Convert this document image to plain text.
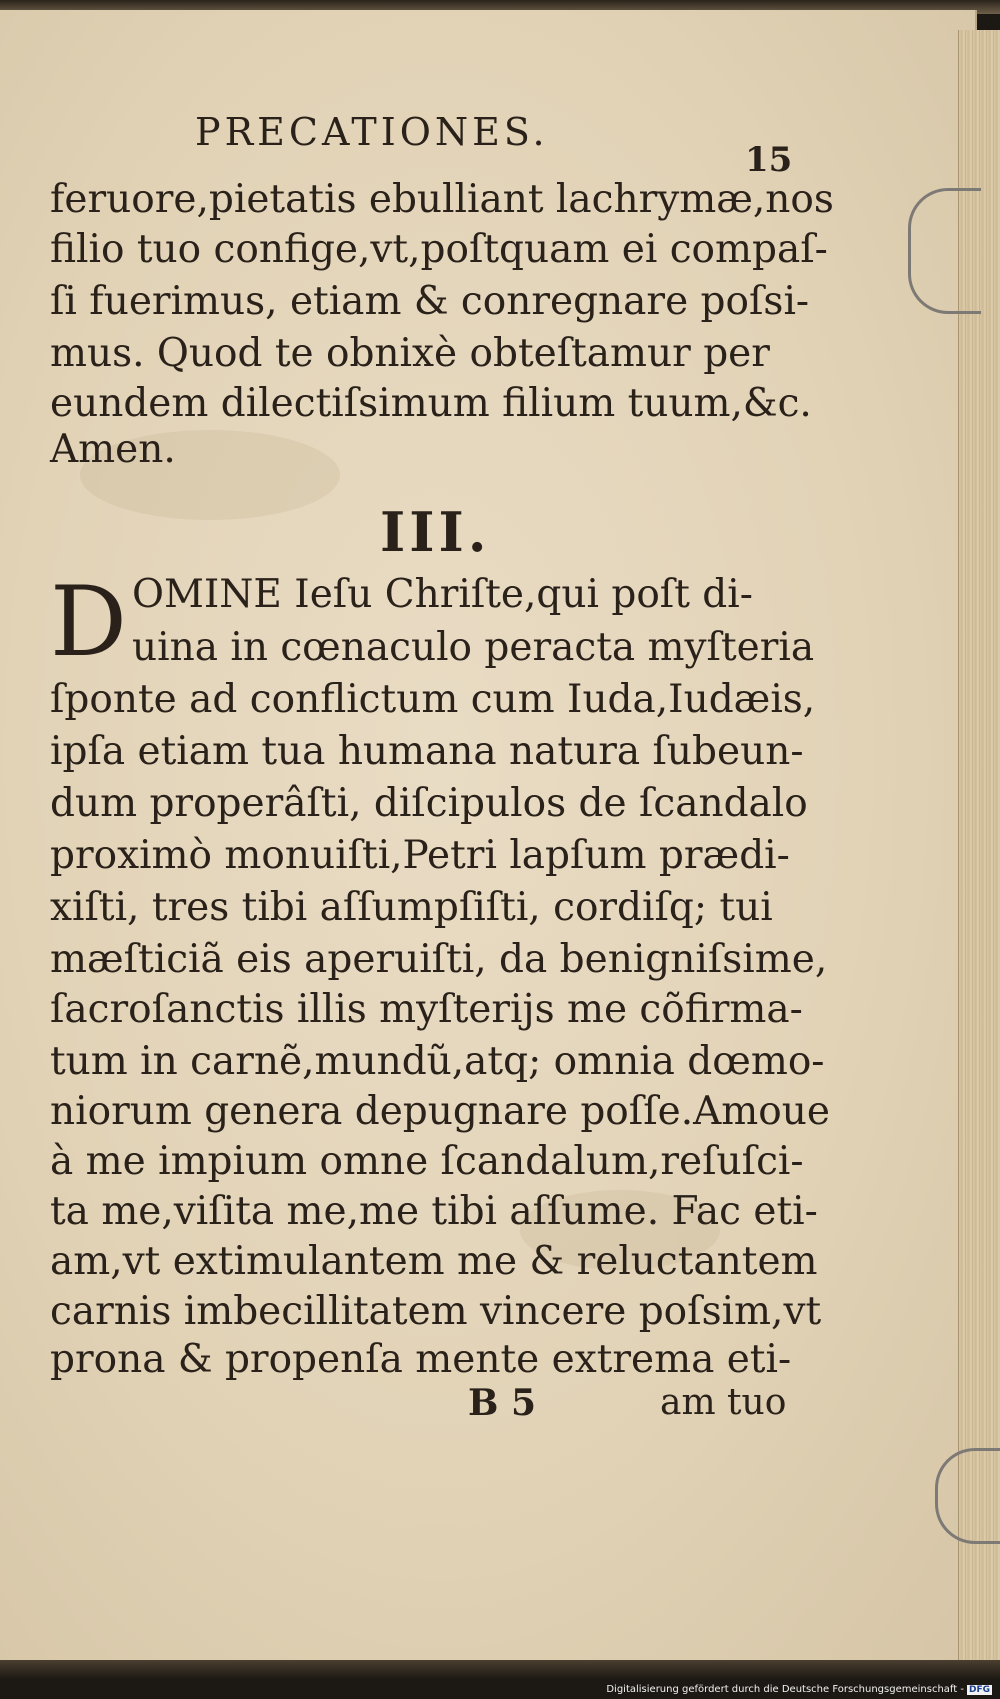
PRECATIONES.
15
feruore,pietatis ebulliant lachrymæ,nos
filio tuo confige,vt,poſtquam ei compaſ-
ſi fuerimus, etiam & conregnare poſsi-
mus. Quod te obnixè obteſtamur per
eundem dilectiſsimum filium tuum,&c.
Amen.
III.
D OMINE Ieſu Chriſte,qui poſt di-
uina in cœnaculo peracta myſteria
ſponte ad conflictum cum Iuda,Iudæis,
ipſa etiam tua humana natura ſubeun-
dum properâſti, diſcipulos de ſcandalo
proximò monuiſti,Petri lapſum prædi-
xiſti, tres tibi aſſumpſiſti, cordiſq; tui
mæſticiã eis aperuiſti, da benigniſsime,
ſacroſanctis illis myſterijs me cõfirma-
tum in carnẽ,mundũ,atq; omnia dœmo-
niorum genera depugnare poſſe.Amoue
à me impium omne ſcandalum,reſuſci-
ta me,viſita me,me tibi aſſume. Fac eti-
am,vt extimulantem me & reluctantem
carnis imbecillitatem vincere poſsim,vt
prona & propenſa mente extrema eti-
B 5	am tuo
Digitalisierung gefördert durch die Deutsche Forschungsgemeinschaft - DFG
